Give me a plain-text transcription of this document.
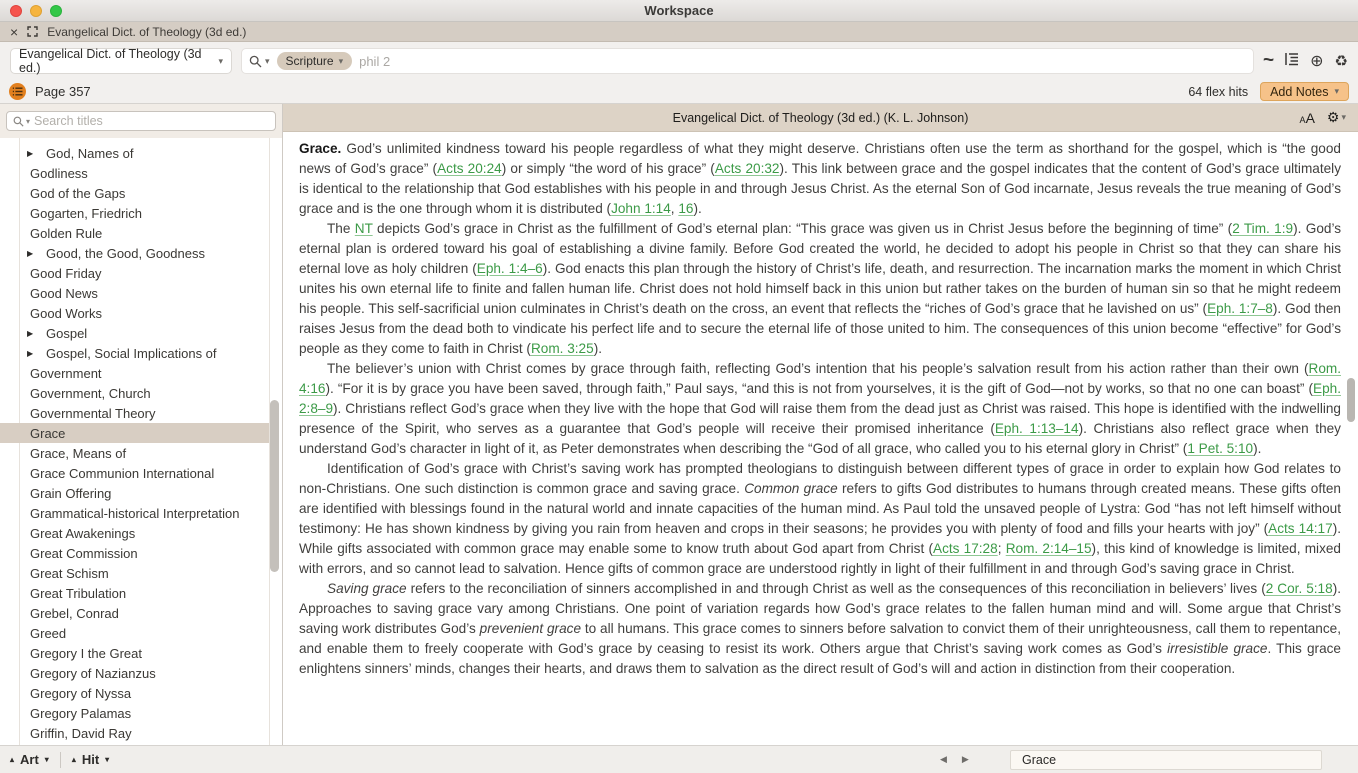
Workspace
× Evangelical Dict. of Theology (3d ed.)
Evangelical Dict. of Theology (3d ed.)
▾	▾ Scripture ▾ phil 2	~ ⊕ ♻
Page 357	64 flex hits Add Notes ▾
▾ Search titles
▶ God, Names of
Godliness
God of the Gaps
Gogarten, Friedrich
Golden Rule
▶ Good, the Good, Goodness
Good Friday
Good News
Good Works
▶ Gospel
▶ Gospel, Social Implications of
Government
Government, Church
Governmental Theory
Grace
Grace, Means of
Grace Communion International
Grain Offering
Grammatical-historical Interpretation
Great Awakenings
Great Commission
Great Schism
Great Tribulation
Grebel, Conrad
Greed
Gregory I the Great
Gregory of Nazianzus
Gregory of Nyssa
Gregory Palamas
Griffin, David Ray
Evangelical Dict. of Theology (3d ed.) (K. L. Johnson)	A A ⚙ ▾

Grace. God’s unlimited kindness toward his people regardless of what they might deserve. Christians often use the term as shorthand for the gospel, which is “the good news of God’s grace” (Acts 20:24) or simply “the word of his grace” (Acts 20:32). This link between grace and the gospel indicates that the content of God’s grace ultimately is identical to the relationship that God establishes with his people in and through Jesus Christ. As the eternal Son of God incarnate, Jesus reveals the true meaning of God’s grace and is the one through whom it is distributed (John 1:14, 16).

The NT depicts God’s grace in Christ as the fulfillment of God’s eternal plan: “This grace was given us in Christ Jesus before the beginning of time” (2 Tim. 1:9). God’s eternal plan is ordered toward his goal of establishing a divine family. Before God created the world, he decided to adopt his people in Christ so that they can share his eternal love as holy children (Eph. 1:4–6). God enacts this plan through the history of Christ’s life, death, and resurrection. The incarnation marks the moment in which Christ unites his own eternal life to finite and fallen human life. Christ does not hold himself back in this union but rather takes on the burden of human sin so that he might redeem his people. This self-sacrificial union culminates in Christ’s death on the cross, an event that reflects the “riches of God’s grace that he lavished on us” (Eph. 1:7–8). God then raises Jesus from the dead both to vindicate his perfect life and to secure the eternal life of those united to him. The consequences of this union become “effective” for God’s people as they come to faith in Christ (Rom. 3:25).

The believer’s union with Christ comes by grace through faith, reflecting God’s intention that his people’s salvation result from his action rather than their own (Rom. 4:16). “For it is by grace you have been saved, through faith,” Paul says, “and this is not from yourselves, it is the gift of God—not by works, so that no one can boast” (Eph. 2:8–9). Christians reflect God’s grace when they live with the hope that God will raise them from the dead just as Christ was raised. This hope is identified with the indwelling presence of the Spirit, who serves as a guarantee that God’s people will receive their promised inheritance (Eph. 1:13–14). Christians also reflect grace when they understand God’s character in light of it, as Peter demonstrates when describing the “God of all grace, who called you to his eternal glory in Christ” (1 Pet. 5:10).

Identification of God’s grace with Christ’s saving work has prompted theologians to distinguish between different types of grace in order to explain how God relates to non-Christians. One such distinction is common grace and saving grace. Common grace refers to gifts God distributes to humans through created means. These gifts often are identified with blessings found in the natural world and innate capacities of the human mind. As Paul told the unsaved people of Lystra: God “has not left himself without testimony: He has shown kindness by giving you rain from heaven and crops in their seasons; he provides you with plenty of food and fills your hearts with joy” (Acts 14:17). While gifts associated with common grace may enable some to know truth about God apart from Christ (Acts 17:28; Rom. 2:14–15), this kind of knowledge is limited, mixed with errors, and so cannot lead to salvation. Hence gifts of common grace are understood rightly in light of their fulfillment in and through God’s saving grace in Christ.

Saving grace refers to the reconciliation of sinners accomplished in and through Christ as well as the consequences of this reconciliation in believers’ lives (2 Cor. 5:18). Approaches to saving grace vary among Christians. One point of variation regards how God’s grace relates to the fallen human mind and will. Some argue that Christ’s saving work distributes God’s prevenient grace to all humans. This grace comes to sinners before salvation to convict them of their unrighteousness, call them to repentance, and enable them to freely cooperate with God’s grace by ceasing to resist its work. Others argue that Christ’s saving work comes as God’s irresistible grace. This grace enlightens sinners’ minds, changes their hearts, and draws them to salvation as the direct result of God’s will and action in distinction from their cooperation.

▴ Art ▾	▴ Hit ▾	◀ ▶	Grace
